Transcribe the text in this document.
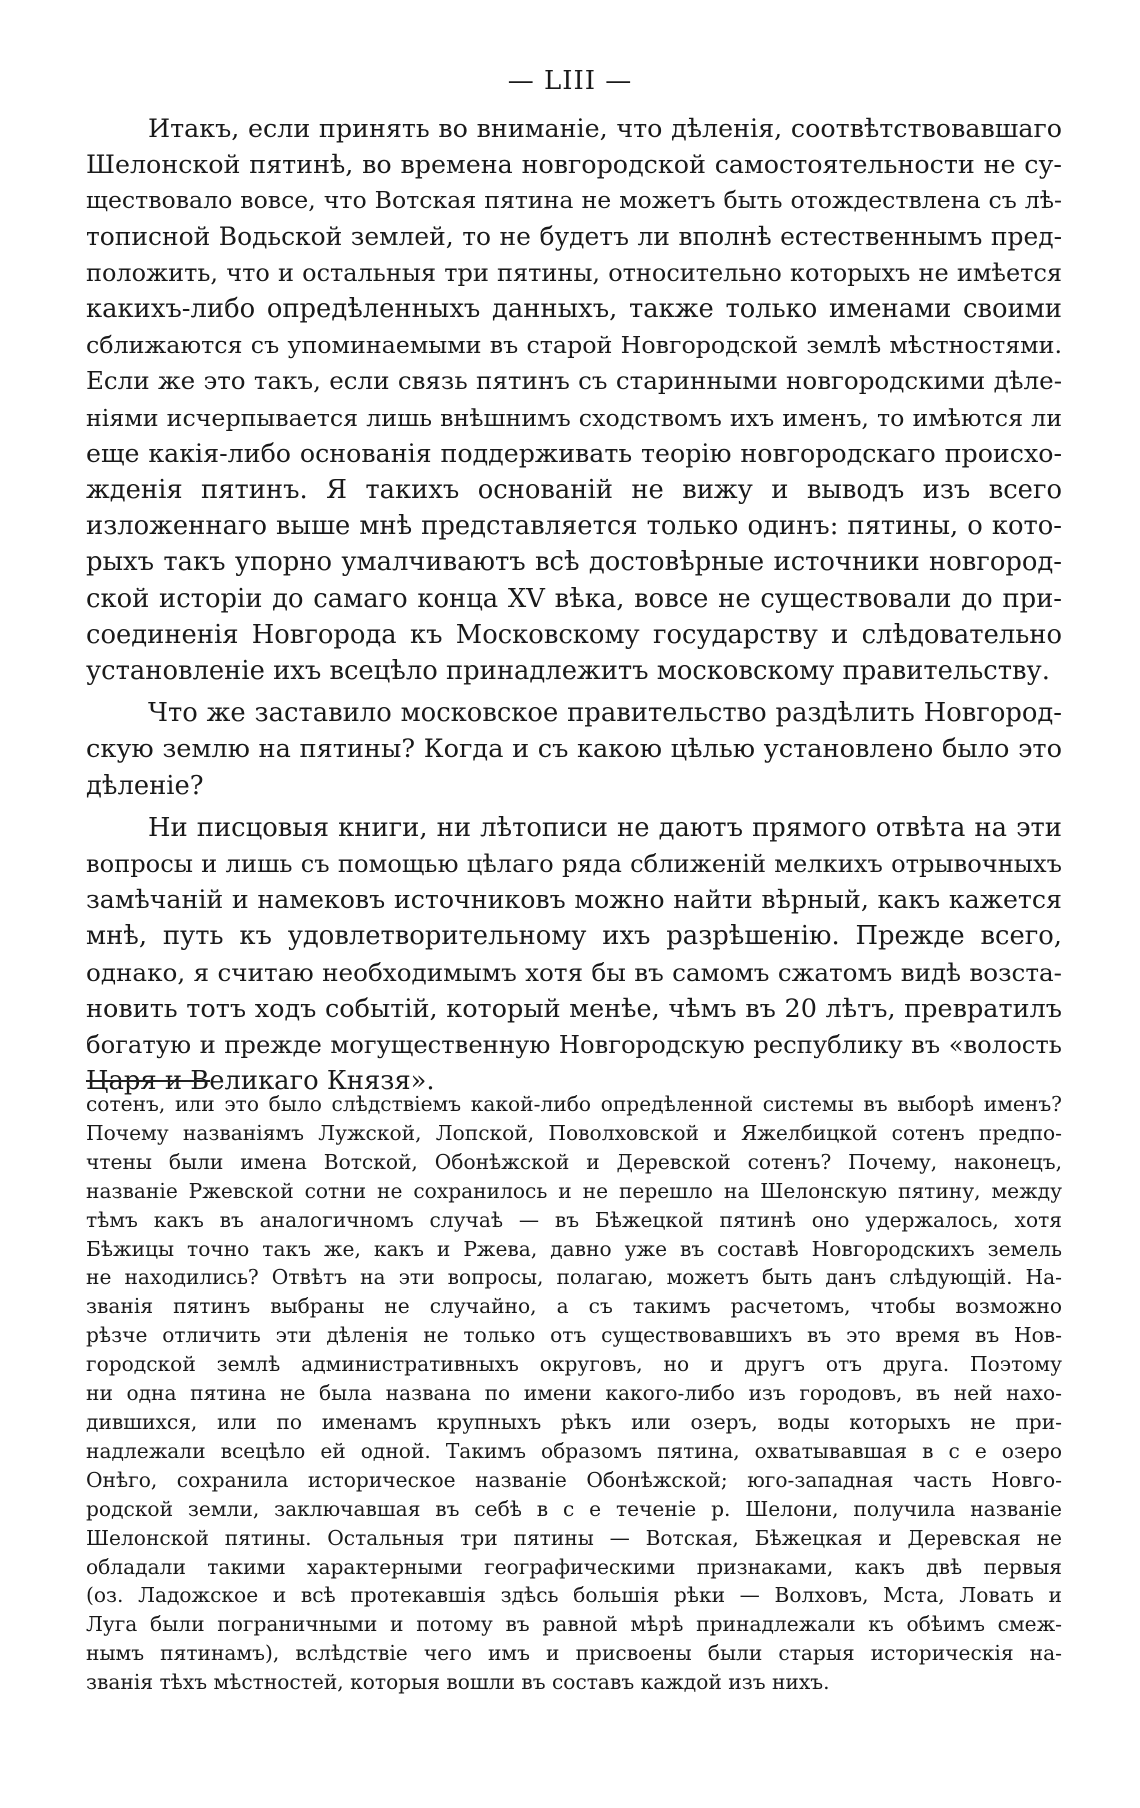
— LIII —
Итакъ, если принять во вниманіе, что дѣленія, соотвѣтствовавшаго
Шелонской пятинѣ, во времена новгородской самостоятельности не су-
ществовало вовсе, что Вотская пятина не можетъ быть отождествлена съ лѣ-
тописной Водьской землей, то не будетъ ли вполнѣ естественнымъ пред-
положить, что и остальныя три пятины, относительно которыхъ не имѣется
какихъ-либо опредѣленныхъ данныхъ, также только именами своими
сближаются съ упоминаемыми въ старой Новгородской землѣ мѣстностями.
Если же это такъ, если связь пятинъ съ старинными новгородскими дѣле-
ніями исчерпывается лишь внѣшнимъ сходствомъ ихъ именъ, то имѣются ли
еще какія-либо основанія поддерживать теорію новгородскаго происхо-
жденія пятинъ. Я такихъ основаній не вижу и выводъ изъ всего
изложеннаго выше мнѣ представляется только одинъ: пятины, о кото-
рыхъ такъ упорно умалчиваютъ всѣ достовѣрные источники новгород-
ской исторіи до самаго конца XV вѣка, вовсе не существовали до при-
соединенія Новгорода къ Московскому государству и слѣдовательно
установленіе ихъ всецѣло принадлежитъ московскому правительству.
Что же заставило московское правительство раздѣлить Новгород-
скую землю на пятины? Когда и съ какою цѣлью установлено было это
дѣленіе?
Ни писцовыя книги, ни лѣтописи не даютъ прямого отвѣта на эти
вопросы и лишь съ помощью цѣлаго ряда сближеній мелкихъ отрывочныхъ
замѣчаній и намековъ источниковъ можно найти вѣрный, какъ кажется
мнѣ, путь къ удовлетворительному ихъ разрѣшенію. Прежде всего,
однако, я считаю необходимымъ хотя бы въ самомъ сжатомъ видѣ возста-
новить тотъ ходъ событій, который менѣе, чѣмъ въ 20 лѣтъ, превратилъ
богатую и прежде могущественную Новгородскую республику въ «волость
Царя и Великаго Князя».
сотенъ, или это было слѣдствіемъ какой-либо опредѣленной системы въ выборѣ именъ?
Почему названіямъ Лужской, Лопской, Поволховской и Яжелбицкой сотенъ предпо-
чтены были имена Вотской, Обонѣжской и Деревской сотенъ? Почему, наконецъ,
названіе Ржевской сотни не сохранилось и не перешло на Шелонскую пятину, между
тѣмъ какъ въ аналогичномъ случаѣ — въ Бѣжецкой пятинѣ оно удержалось, хотя
Бѣжицы точно такъ же, какъ и Ржева, давно уже въ составѣ Новгородскихъ земель
не находились? Отвѣтъ на эти вопросы, полагаю, можетъ быть данъ слѣдующій. На-
званія пятинъ выбраны не случайно, а съ такимъ расчетомъ, чтобы возможно
рѣзче отличить эти дѣленія не только отъ существовавшихъ въ это время въ Нов-
городской землѣ административныхъ округовъ, но и другъ отъ друга. Поэтому
ни одна пятина не была названа по имени какого-либо изъ городовъ, въ ней нахо-
дившихся, или по именамъ крупныхъ рѣкъ или озеръ, воды которыхъ не при-
надлежали всецѣло ей одной. Такимъ образомъ пятина, охватывавшая в с е озеро
Онѣго, сохранила историческое названіе Обонѣжской; юго-западная часть Новго-
родской земли, заключавшая въ себѣ в с е теченіе р. Шелони, получила названіе
Шелонской пятины. Остальныя три пятины — Вотская, Бѣжецкая и Деревская не
обладали такими характерными географическими признаками, какъ двѣ первыя
(оз. Ладожское и всѣ протекавшія здѣсь большія рѣки — Волховъ, Мста, Ловать и
Луга были пограничными и потому въ равной мѣрѣ принадлежали къ обѣимъ смеж-
нымъ пятинамъ), вслѣдствіе чего имъ и присвоены были старыя историческія на-
званія тѣхъ мѣстностей, которыя вошли въ составъ каждой изъ нихъ.
